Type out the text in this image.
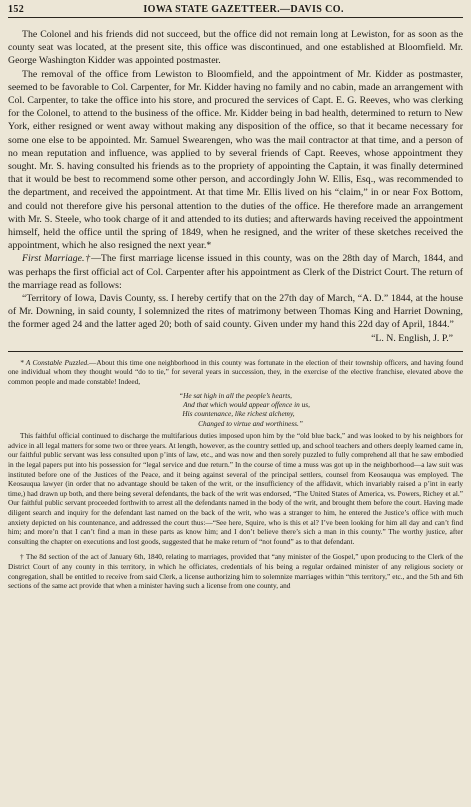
152	IOWA STATE GAZETTEER.—DAVIS CO.

The Colonel and his friends did not succeed, but the office did not remain long at Lewiston, for as soon as the county seat was located, at the present site, this office was discontinued, and one established at Bloomfield. Mr. George Washington Kidder was appointed postmaster.

The removal of the office from Lewiston to Bloomfield, and the appointment of Mr. Kidder as postmaster, seemed to be favorable to Col. Carpenter, for Mr. Kidder having no family and no cabin, made an arrangement with Col. Carpenter, to take the office into his store, and procured the services of Capt. E. G. Reeves, who was clerking for the Colonel, to attend to the business of the office. Mr. Kidder being in bad health, determined to return to New York, either resigned or went away without making any disposition of the office, so that it became necessary for some one else to be appointed. Mr. Samuel Swearengen, who was the mail contractor at that time, and a person of no mean reputation and influence, was applied to by several friends of Capt. Reeves, whose appointment they sought. Mr. S. having consulted his friends as to the propriety of appointing the Captain, it was finally determined that it would be best to recommend some other person, and accordingly John W. Ellis, Esq., was recommended to the department, and received the appointment. At that time Mr. Ellis lived on his “claim,” in or near Fox Bottom, and could not therefore give his personal attention to the duties of the office. He therefore made an arrangement with Mr. S. Steele, who took charge of it and attended to its duties; and afterwards having received the appointment himself, held the office until the spring of 1849, when he resigned, and the writer of these sketches received the appointment, which he also resigned the next year.*

First Marriage.†—The first marriage license issued in this county, was on the 28th day of March, 1844, and was perhaps the first official act of Col. Carpenter after his appointment as Clerk of the District Court. The return of the marriage read as follows:

“Territory of Iowa, Davis County, ss. I hereby certify that on the 27th day of March, “A. D.” 1844, at the house of Mr. Downing, in said county, I solemnized the rites of matrimony between Thomas King and Harriet Downing, the former aged 24 and the latter aged 20; both of said county. Given under my hand this 22d day of April, 1844.”

“L. N. English, J. P.”

* A Constable Puzzled.—About this time one neighborhood in this county was fortunate in the election of their township officers, and having found one individual whom they thought would “do to tie,” for several years in succession, they, in the exercise of the elective franchise, elevated above the common people and made constable! Indeed,

“He sat high in all the people’s hearts,
And that which would appear offence in us,
His countenance, like richest alchemy,
Changed to virtue and worthiness.”

This faithful official continued to discharge the multifarious duties imposed upon him by the “old blue back,” and was looked to by his neighbors for advice in all legal matters for some two or three years. At length, however, as the country settled up, and school teachers and others deeply learned came in, our faithful public servant was less consulted upon p’ints of law, etc., and was now and then sorely puzzled to fully comprehend all that he saw embodied in the legal papers put into his possession for “legal service and due return.” In the course of time a muss was got up in the neighborhood—a law suit was instituted before one of the Justices of the Peace, and it being against several of the principal settlers, counsel from Keosauqua was employed. The Keosauqua lawyer (in order that no advantage should be taken of the writ, or the insufficiency of the affidavit, which invariably raised a p’int in early time,) had drawn up both, and there being several defendants, the back of the writ was endorsed, “The United States of America, vs. Powers, Richey et al.” Our faithful public servant proceeded forthwith to arrest all the defendants named in the body of the writ, and brought them before the court. Having made diligent search and inquiry for the defendant last named on the back of the writ, who was a stranger to him, he entered the Justice’s office with much anxiety depicted on his countenance, and addressed the court thus:—“See here, Squire, who is this et al? I’ve been looking for him all day and can’t find him; and more’n that I can’t find a man in these parts as know him; and I don’t believe there’s sich a man in this county.” The worthy justice, after consulting the chapter on executions and lost goods, suggested that he make return of “not found” as to that defendant.

† The 8d section of the act of January 6th, 1840, relating to marriages, provided that “any minister of the Gospel,” upon producing to the Clerk of the District Court of any county in this territory, in which he officiates, credentials of his being a regular ordained minister of any religious society or congregation, shall be entitled to receive from said Clerk, a license authorizing him to solemnize marriages within “this territory,” etc., and the 5th and 6th sections of the same act provide that when a minister having such a license from one county, and
